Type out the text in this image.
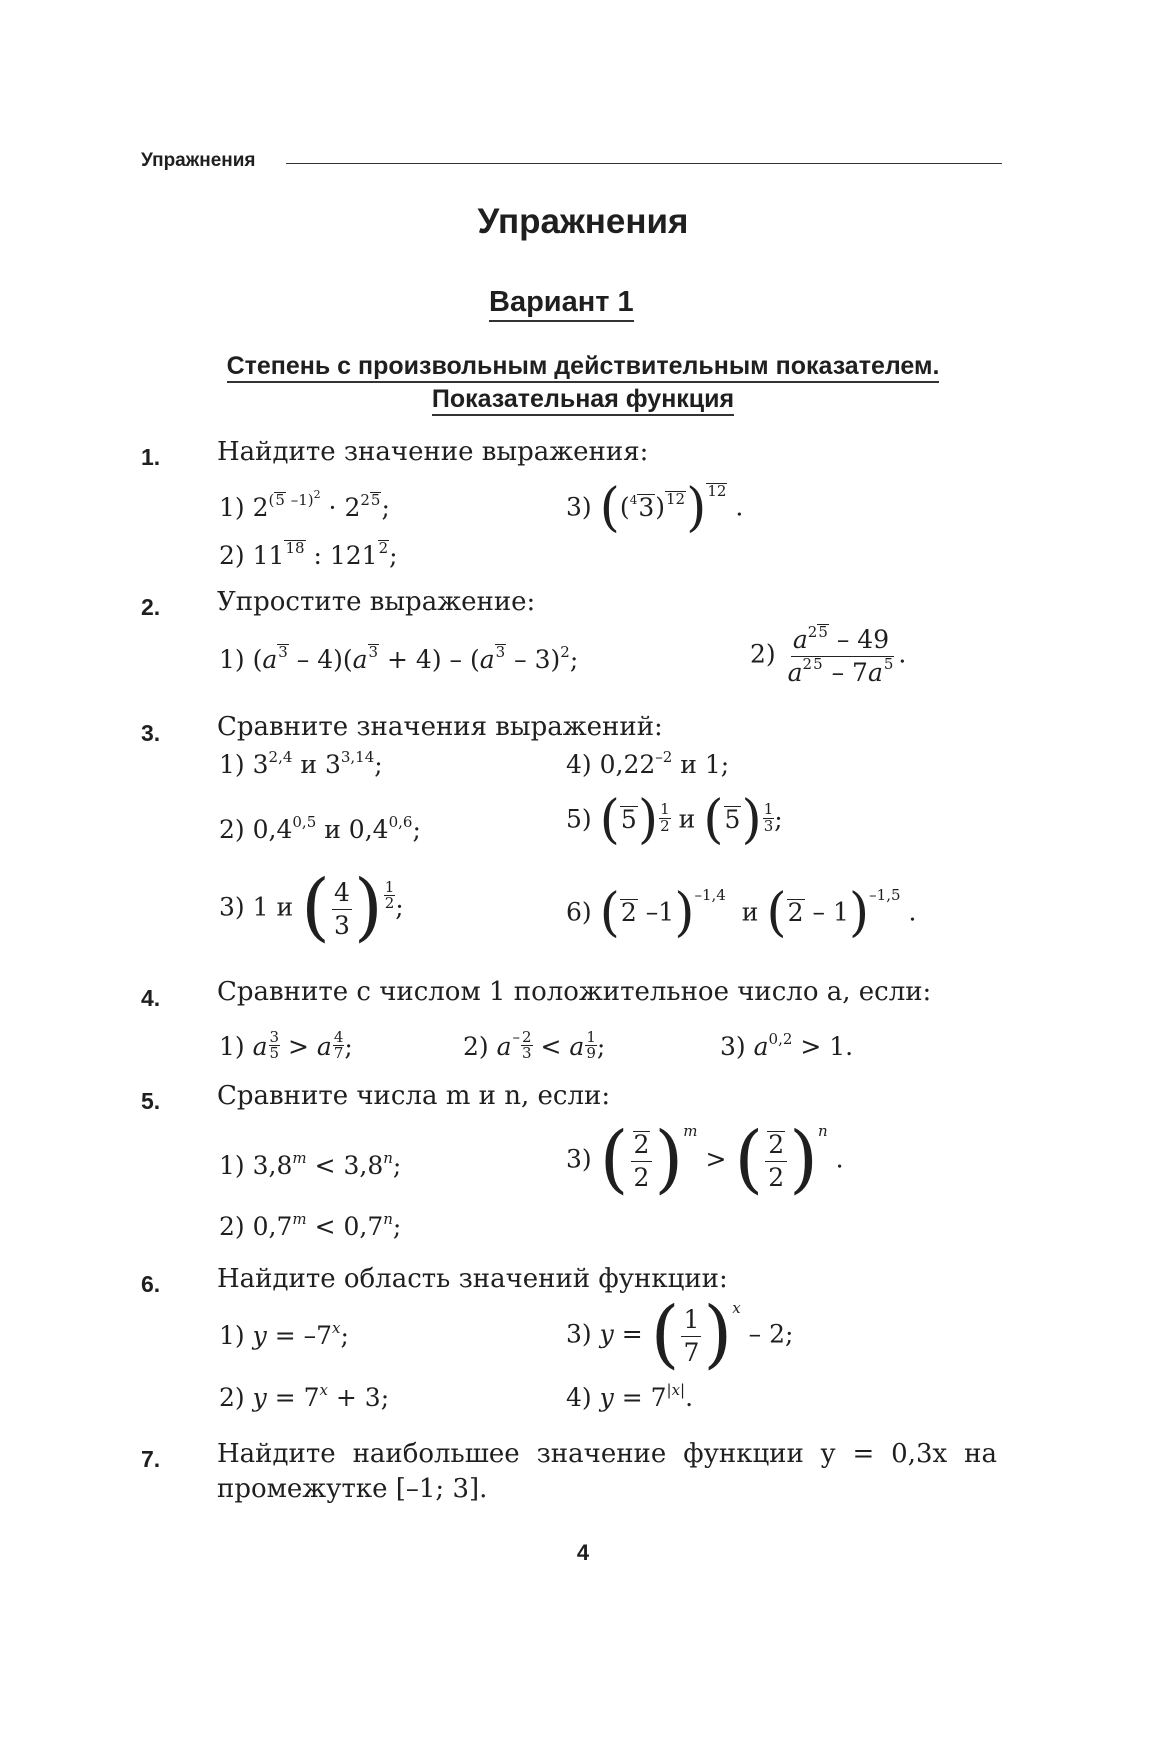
Упражнения
Упражнения
Вариант 1
Степень с произвольным действительным показателем.
Показательная функция
1. Найдите значение выражения:
1) $2^{(5 -1)^2} \cdot 2^{25}$;	3) $((^43)^{12})^{12}$ .
2) $11^{18}$ : $121^2$;
2. Упростите выражение:
1) $(a^3 - 4)(a^3 + 4) - (a^3 - 3)^2$;	$2) \frac{a^{25} - 49}{a^{25} - 7a^5}$ .
3. Сравните значения выражений:
1) 3$^{2,4}$ и 3$^{3,14}$;	4) $0,22^{-2}$ и 1;
2) 0,4$^{0,5}$ и 0,4$^{0,6}$;	5) $(5) \frac{1}{2}$ и $(5) \frac{1}{3}$ ;
3) 1 и ( $\frac{4}{3}$ ) $\frac{1}{2}$ ;	6) (2 –1)$^{-1,4}$  и (2 – 1)$^{-1,5}$ .
4. Сравните с числом 1 положительное число a, если:
1) a $\frac{3}{5} > a \frac{4}{7}$ ;	2) $a- \frac{2}{3} < a \frac{1}{9}$ ;	3) $a^{0,2} > 1$.
5. Сравните числа m и n, если:
1) $3,8^m < 3,8^n$;	3) ( $\frac{2}{2} )^m$ > ( $\frac{2}{2} )^n$ .
2) $0,7^m < 0,7^n$;
6. Найдите область значений функции:
1) $y = -7^x$;	3) y = ( $\frac{1}{7} )^x - 2$;
2) $y = 7^x + 3$;	4) $y = 7^{|x|}$.
7. Найдите наибольшее значение функции y = 0,3x на
промежутке [–1; 3].
4
